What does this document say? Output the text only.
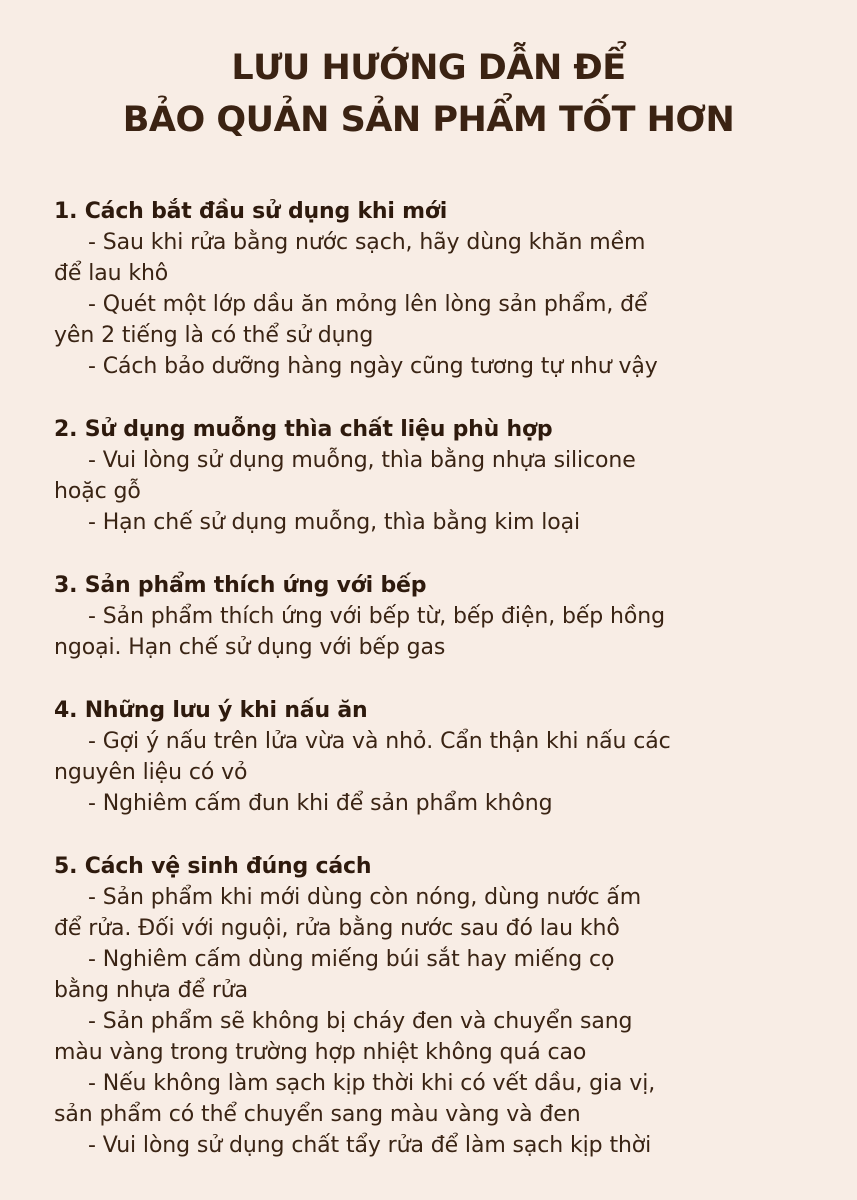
LƯU HƯỚNG DẪN ĐỂ
BẢO QUẢN SẢN PHẨM TỐT HƠN

1. Cách bắt đầu sử dụng khi mới

- Sau khi rửa bằng nước sạch, hãy dùng khăn mềm

để lau khô

- Quét một lớp dầu ăn mỏng lên lòng sản phẩm, để

yên 2 tiếng là có thể sử dụng

- Cách bảo dưỡng hàng ngày cũng tương tự như vậy

2. Sử dụng muỗng thìa chất liệu phù hợp

- Vui lòng sử dụng muỗng, thìa bằng nhựa silicone

hoặc gỗ

- Hạn chế sử dụng muỗng, thìa bằng kim loại

3. Sản phẩm thích ứng với bếp

- Sản phẩm thích ứng với bếp từ, bếp điện, bếp hồng

ngoại. Hạn chế sử dụng với bếp gas

4. Những lưu ý khi nấu ăn

- Gợi ý nấu trên lửa vừa và nhỏ. Cẩn thận khi nấu các

nguyên liệu có vỏ

- Nghiêm cấm đun khi để sản phẩm không

5. Cách vệ sinh đúng cách

- Sản phẩm khi mới dùng còn nóng, dùng nước ấm

để rửa. Đối với nguội, rửa bằng nước sau đó lau khô

- Nghiêm cấm dùng miếng búi sắt hay miếng cọ

bằng nhựa để rửa

- Sản phẩm sẽ không bị cháy đen và chuyển sang

màu vàng trong trường hợp nhiệt không quá cao

- Nếu không làm sạch kịp thời khi có vết dầu, gia vị,

sản phẩm có thể chuyển sang màu vàng và đen

- Vui lòng sử dụng chất tẩy rửa để làm sạch kịp thời
